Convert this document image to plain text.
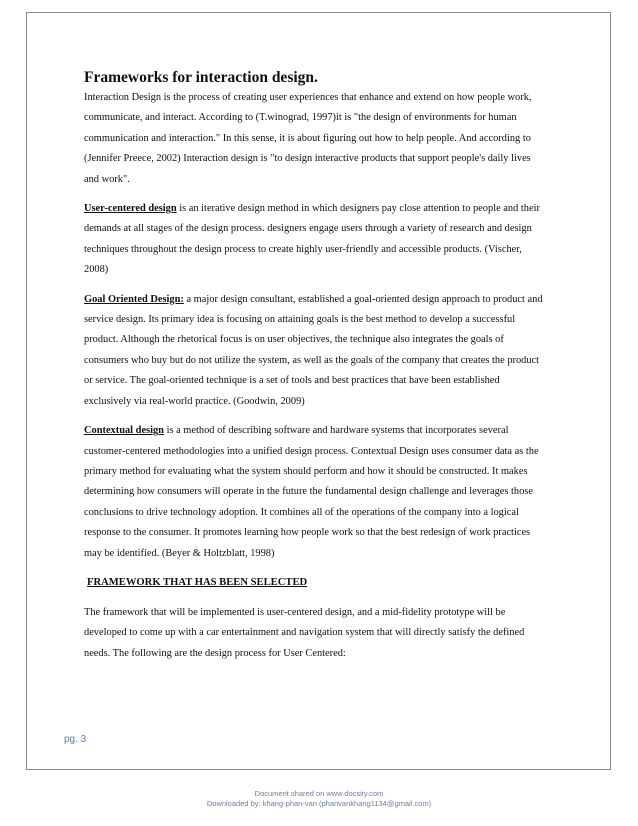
Frameworks for interaction design.

Interaction Design is the process of creating user experiences that enhance and extend on how people work, communicate, and interact. According to (T.winograd, 1997)it is "the design of environments for human communication and interaction." In this sense, it is about figuring out how to help people. And according to (Jennifer Preece, 2002) Interaction design is "to design interactive products that support people's daily lives and work".

User-centered design is an iterative design method in which designers pay close attention to people and their demands at all stages of the design process. designers engage users through a variety of research and design techniques throughout the design process to create highly user-friendly and accessible products. (Vischer, 2008)

Goal Oriented Design: a major design consultant, established a goal-oriented design approach to product and service design. Its primary idea is focusing on attaining goals is the best method to develop a successful product. Although the rhetorical focus is on user objectives, the technique also integrates the goals of consumers who buy but do not utilize the system, as well as the goals of the company that creates the product or service. The goal-oriented technique is a set of tools and best practices that have been established exclusively via real-world practice. (Goodwin, 2009)

Contextual design is a method of describing software and hardware systems that incorporates several customer-centered methodologies into a unified design process. Contextual Design uses consumer data as the primary method for evaluating what the system should perform and how it should be constructed. It makes determining how consumers will operate in the future the fundamental design challenge and leverages those conclusions to drive technology adoption. It combines all of the operations of the company into a logical response to the consumer. It promotes learning how people work so that the best redesign of work practices may be identified. (Beyer & Holtzblatt, 1998)

FRAMEWORK THAT HAS BEEN SELECTED

The framework that will be implemented is user-centered design, and a mid-fidelity prototype will be developed to come up with a car entertainment and navigation system that will directly satisfy the defined needs. The following are the design process for User Centered:

pg. 3
Document shared on www.docsity.com
Downloaded by: khang-phan-van (phanvankhang1134@gmail.com)
